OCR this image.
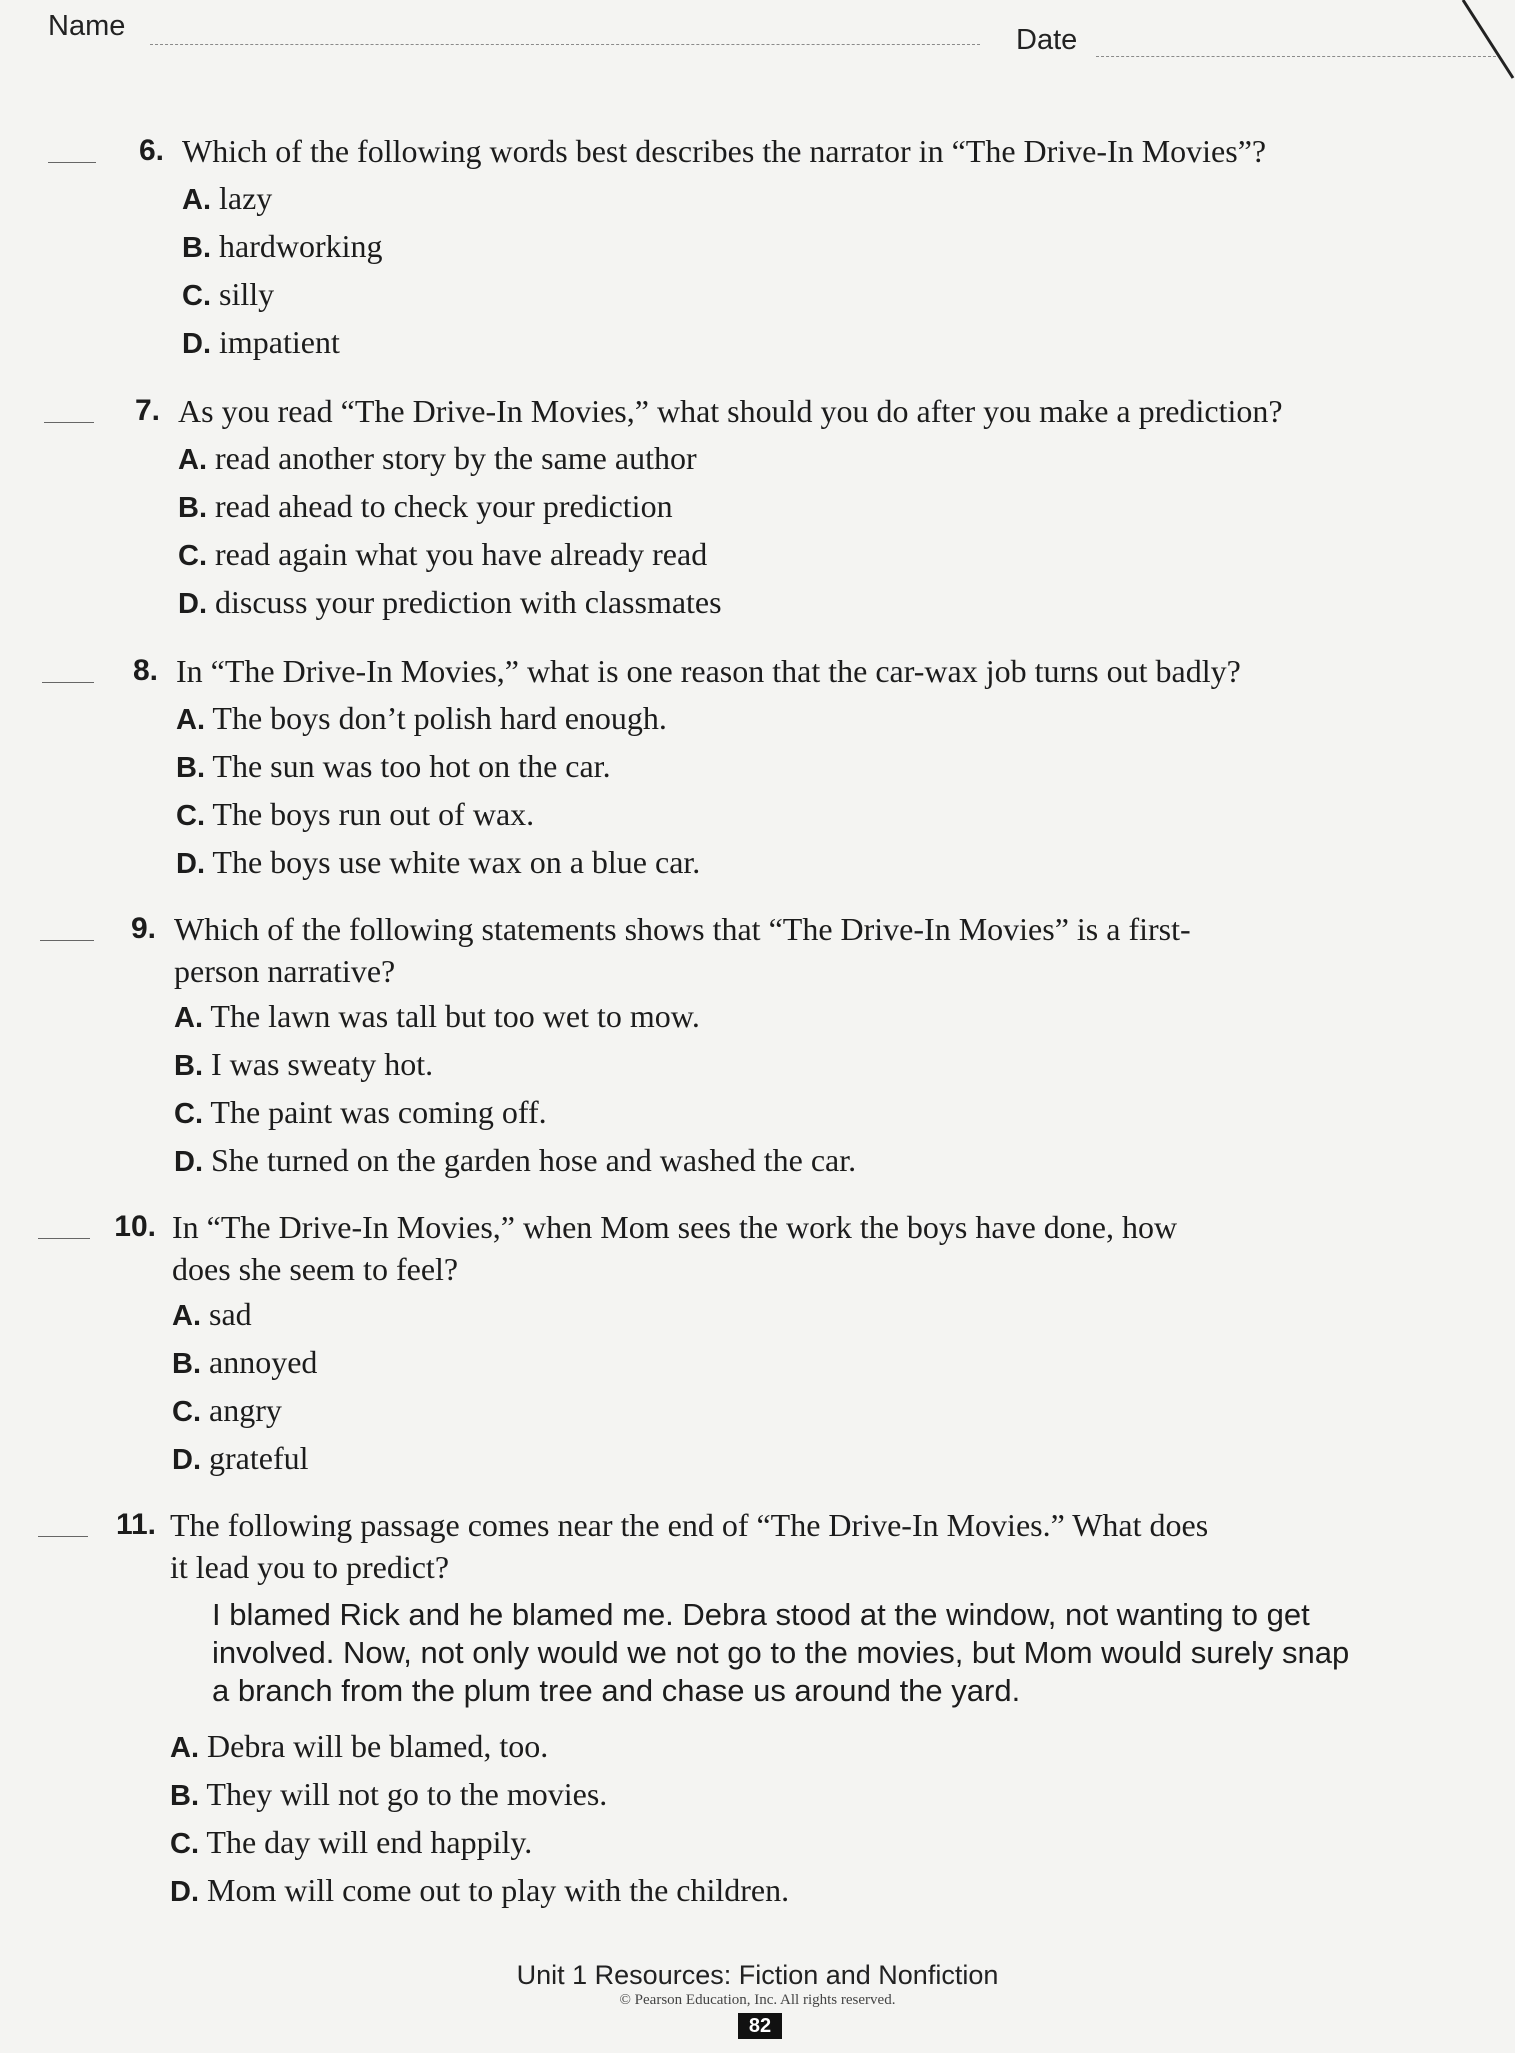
Name	Date
6. Which of the following words best describes the narrator in “The Drive-In Movies”?
A. lazy
B. hardworking
C. silly
D. impatient
7. As you read “The Drive-In Movies,” what should you do after you make a prediction?
A. read another story by the same author
B. read ahead to check your prediction
C. read again what you have already read
D. discuss your prediction with classmates
8. In “The Drive-In Movies,” what is one reason that the car-wax job turns out badly?
A. The boys don’t polish hard enough.
B. The sun was too hot on the car.
C. The boys run out of wax.
D. The boys use white wax on a blue car.
9. Which of the following statements shows that “The Drive-In Movies” is a first-
person narrative?
A. The lawn was tall but too wet to mow.
B. I was sweaty hot.
C. The paint was coming off.
D. She turned on the garden hose and washed the car.
10. In “The Drive-In Movies,” when Mom sees the work the boys have done, how
does she seem to feel?
A. sad
B. annoyed
C. angry
D. grateful
11. The following passage comes near the end of “The Drive-In Movies.” What does
it lead you to predict?
I blamed Rick and he blamed me. Debra stood at the window, not wanting to get
involved. Now, not only would we not go to the movies, but Mom would surely snap
a branch from the plum tree and chase us around the yard.
A. Debra will be blamed, too.
B. They will not go to the movies.
C. The day will end happily.
D. Mom will come out to play with the children.
Unit 1 Resources: Fiction and Nonfiction
© Pearson Education, Inc. All rights reserved.
82
